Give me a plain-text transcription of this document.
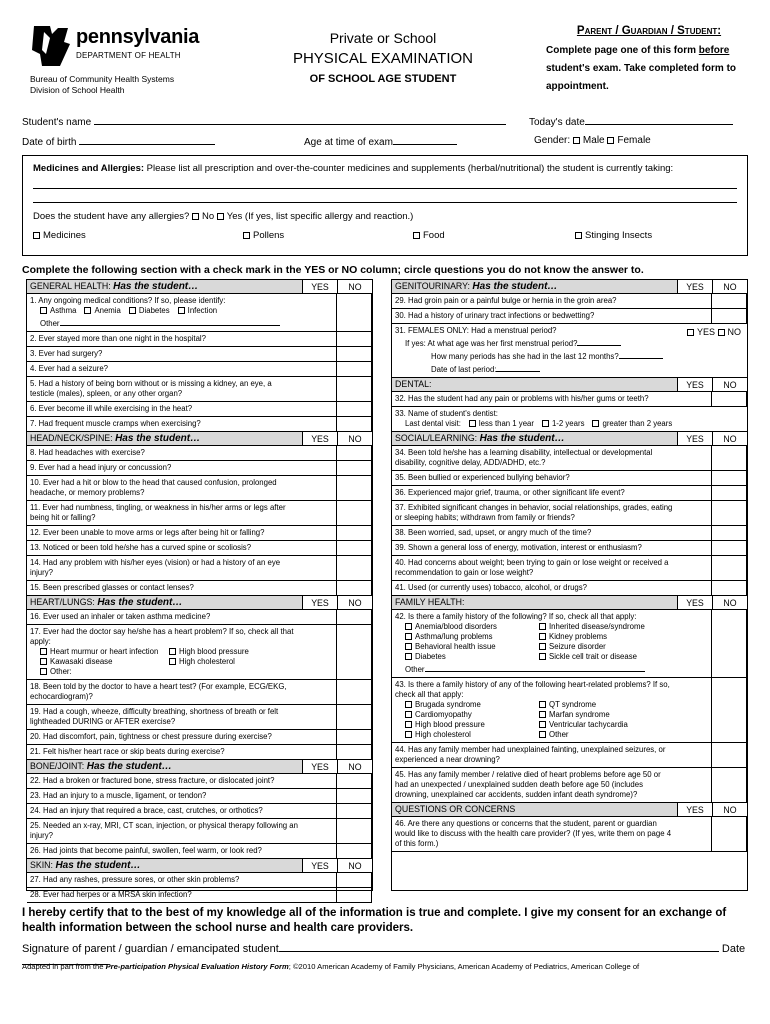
pennsylvania
DEPARTMENT OF HEALTH
Bureau of Community Health Systems
Division of School Health
Private or School
PHYSICAL EXAMINATION
OF SCHOOL AGE STUDENT
Parent / Guardian / Student:
Complete page one of this form before student's exam. Take completed form to appointment.
Student's name	Today's date
Date of birth	Age at time of exam	Gender: Male Female
Medicines and Allergies: Please list all prescription and over-the-counter medicines and supplements (herbal/nutritional) the student is currently taking:
Does the student have any allergies? No Yes (If yes, list specific allergy and reaction.)
Medicines	Pollens	Food	Stinging Insects
Complete the following section with a check mark in the YES or NO column; circle questions you do not know the answer to.
GENERAL HEALTH: Has the student…	YES	NO
1. Any ongoing medical conditions? If so, please identify:
Asthma Anemia Diabetes Infection
Other
2. Ever stayed more than one night in the hospital?
3. Ever had surgery?
4. Ever had a seizure?
5. Had a history of being born without or is missing a kidney, an eye, a testicle (males), spleen, or any other organ?
6. Ever become ill while exercising in the heat?
7. Had frequent muscle cramps when exercising?
HEAD/NECK/SPINE: Has the student…	YES	NO
8. Had headaches with exercise?
9. Ever had a head injury or concussion?
10. Ever had a hit or blow to the head that caused confusion, prolonged headache, or memory problems?
11. Ever had numbness, tingling, or weakness in his/her arms or legs after being hit or falling?
12. Ever been unable to move arms or legs after being hit or falling?
13. Noticed or been told he/she has a curved spine or scoliosis?
14. Had any problem with his/her eyes (vision) or had a history of an eye injury?
15. Been prescribed glasses or contact lenses?
HEART/LUNGS: Has the student…	YES	NO
16. Ever used an inhaler or taken asthma medicine?
17. Ever had the doctor say he/she has a heart problem? If so, check all that apply:
Heart murmur or heart infection	High blood pressure
Kawasaki disease	High cholesterol
Other:
18. Been told by the doctor to have a heart test? (For example, ECG/EKG, echocardiogram)?
19. Had a cough, wheeze, difficulty breathing, shortness of breath or felt lightheaded DURING or AFTER exercise?
20. Had discomfort, pain, tightness or chest pressure during exercise?
21. Felt his/her heart race or skip beats during exercise?
BONE/JOINT: Has the student…	YES	NO
22. Had a broken or fractured bone, stress fracture, or dislocated joint?
23. Had an injury to a muscle, ligament, or tendon?
24. Had an injury that required a brace, cast, crutches, or orthotics?
25. Needed an x-ray, MRI, CT scan, injection, or physical therapy following an injury?
26. Had joints that become painful, swollen, feel warm, or look red?
SKIN: Has the student…	YES	NO
27. Had any rashes, pressure sores, or other skin problems?
28. Ever had herpes or a MRSA skin infection?
GENITOURINARY: Has the student…	YES	NO
29. Had groin pain or a painful bulge or hernia in the groin area?
30. Had a history of urinary tract infections or bedwetting?
31. FEMALES ONLY: Had a menstrual period?
If yes: At what age was her first menstrual period?
How many periods has she had in the last 12 months?
Date of last period:
YES NO
DENTAL:	YES	NO
32. Has the student had any pain or problems with his/her gums or teeth?
33. Name of student's dentist:
Last dental visit: less than 1 year 1-2 years greater than 2 years
SOCIAL/LEARNING: Has the student…	YES	NO
34. Been told he/she has a learning disability, intellectual or developmental disability, cognitive delay, ADD/ADHD, etc.?
35. Been bullied or experienced bullying behavior?
36. Experienced major grief, trauma, or other significant life event?
37. Exhibited significant changes in behavior, social relationships, grades, eating or sleeping habits; withdrawn from family or friends?
38. Been worried, sad, upset, or angry much of the time?
39. Shown a general loss of energy, motivation, interest or enthusiasm?
40. Had concerns about weight; been trying to gain or lose weight or received a recommendation to gain or lose weight?
41. Used (or currently uses) tobacco, alcohol, or drugs?
FAMILY HEALTH:	YES	NO
42. Is there a family history of the following? If so, check all that apply:
Anemia/blood disorders	Inherited disease/syndrome
Asthma/lung problems	Kidney problems
Behavioral health issue	Seizure disorder
Diabetes	Sickle cell trait or disease
Other
43. Is there a family history of any of the following heart-related problems? If so, check all that apply:
Brugada syndrome	QT syndrome
Cardiomyopathy	Marfan syndrome
High blood pressure	Ventricular tachycardia
High cholesterol	Other
44. Has any family member had unexplained fainting, unexplained seizures, or experienced a near drowning?
45. Has any family member / relative died of heart problems before age 50 or had an unexpected / unexplained sudden death before age 50 (includes drowning, unexplained car accidents, sudden infant death syndrome)?
QUESTIONS OR CONCERNS	YES	NO
46. Are there any questions or concerns that the student, parent or guardian would like to discuss with the health care provider? (If yes, write them on page 4 of this form.)
I hereby certify that to the best of my knowledge all of the information is true and complete. I give my consent for an exchange of health information between the school nurse and health care providers.
Signature of parent / guardian / emancipated student	Date
Adapted in part from the Pre-participation Physical Evaluation History Form; ©2010 American Academy of Family Physicians, American Academy of Pediatrics, American College of
